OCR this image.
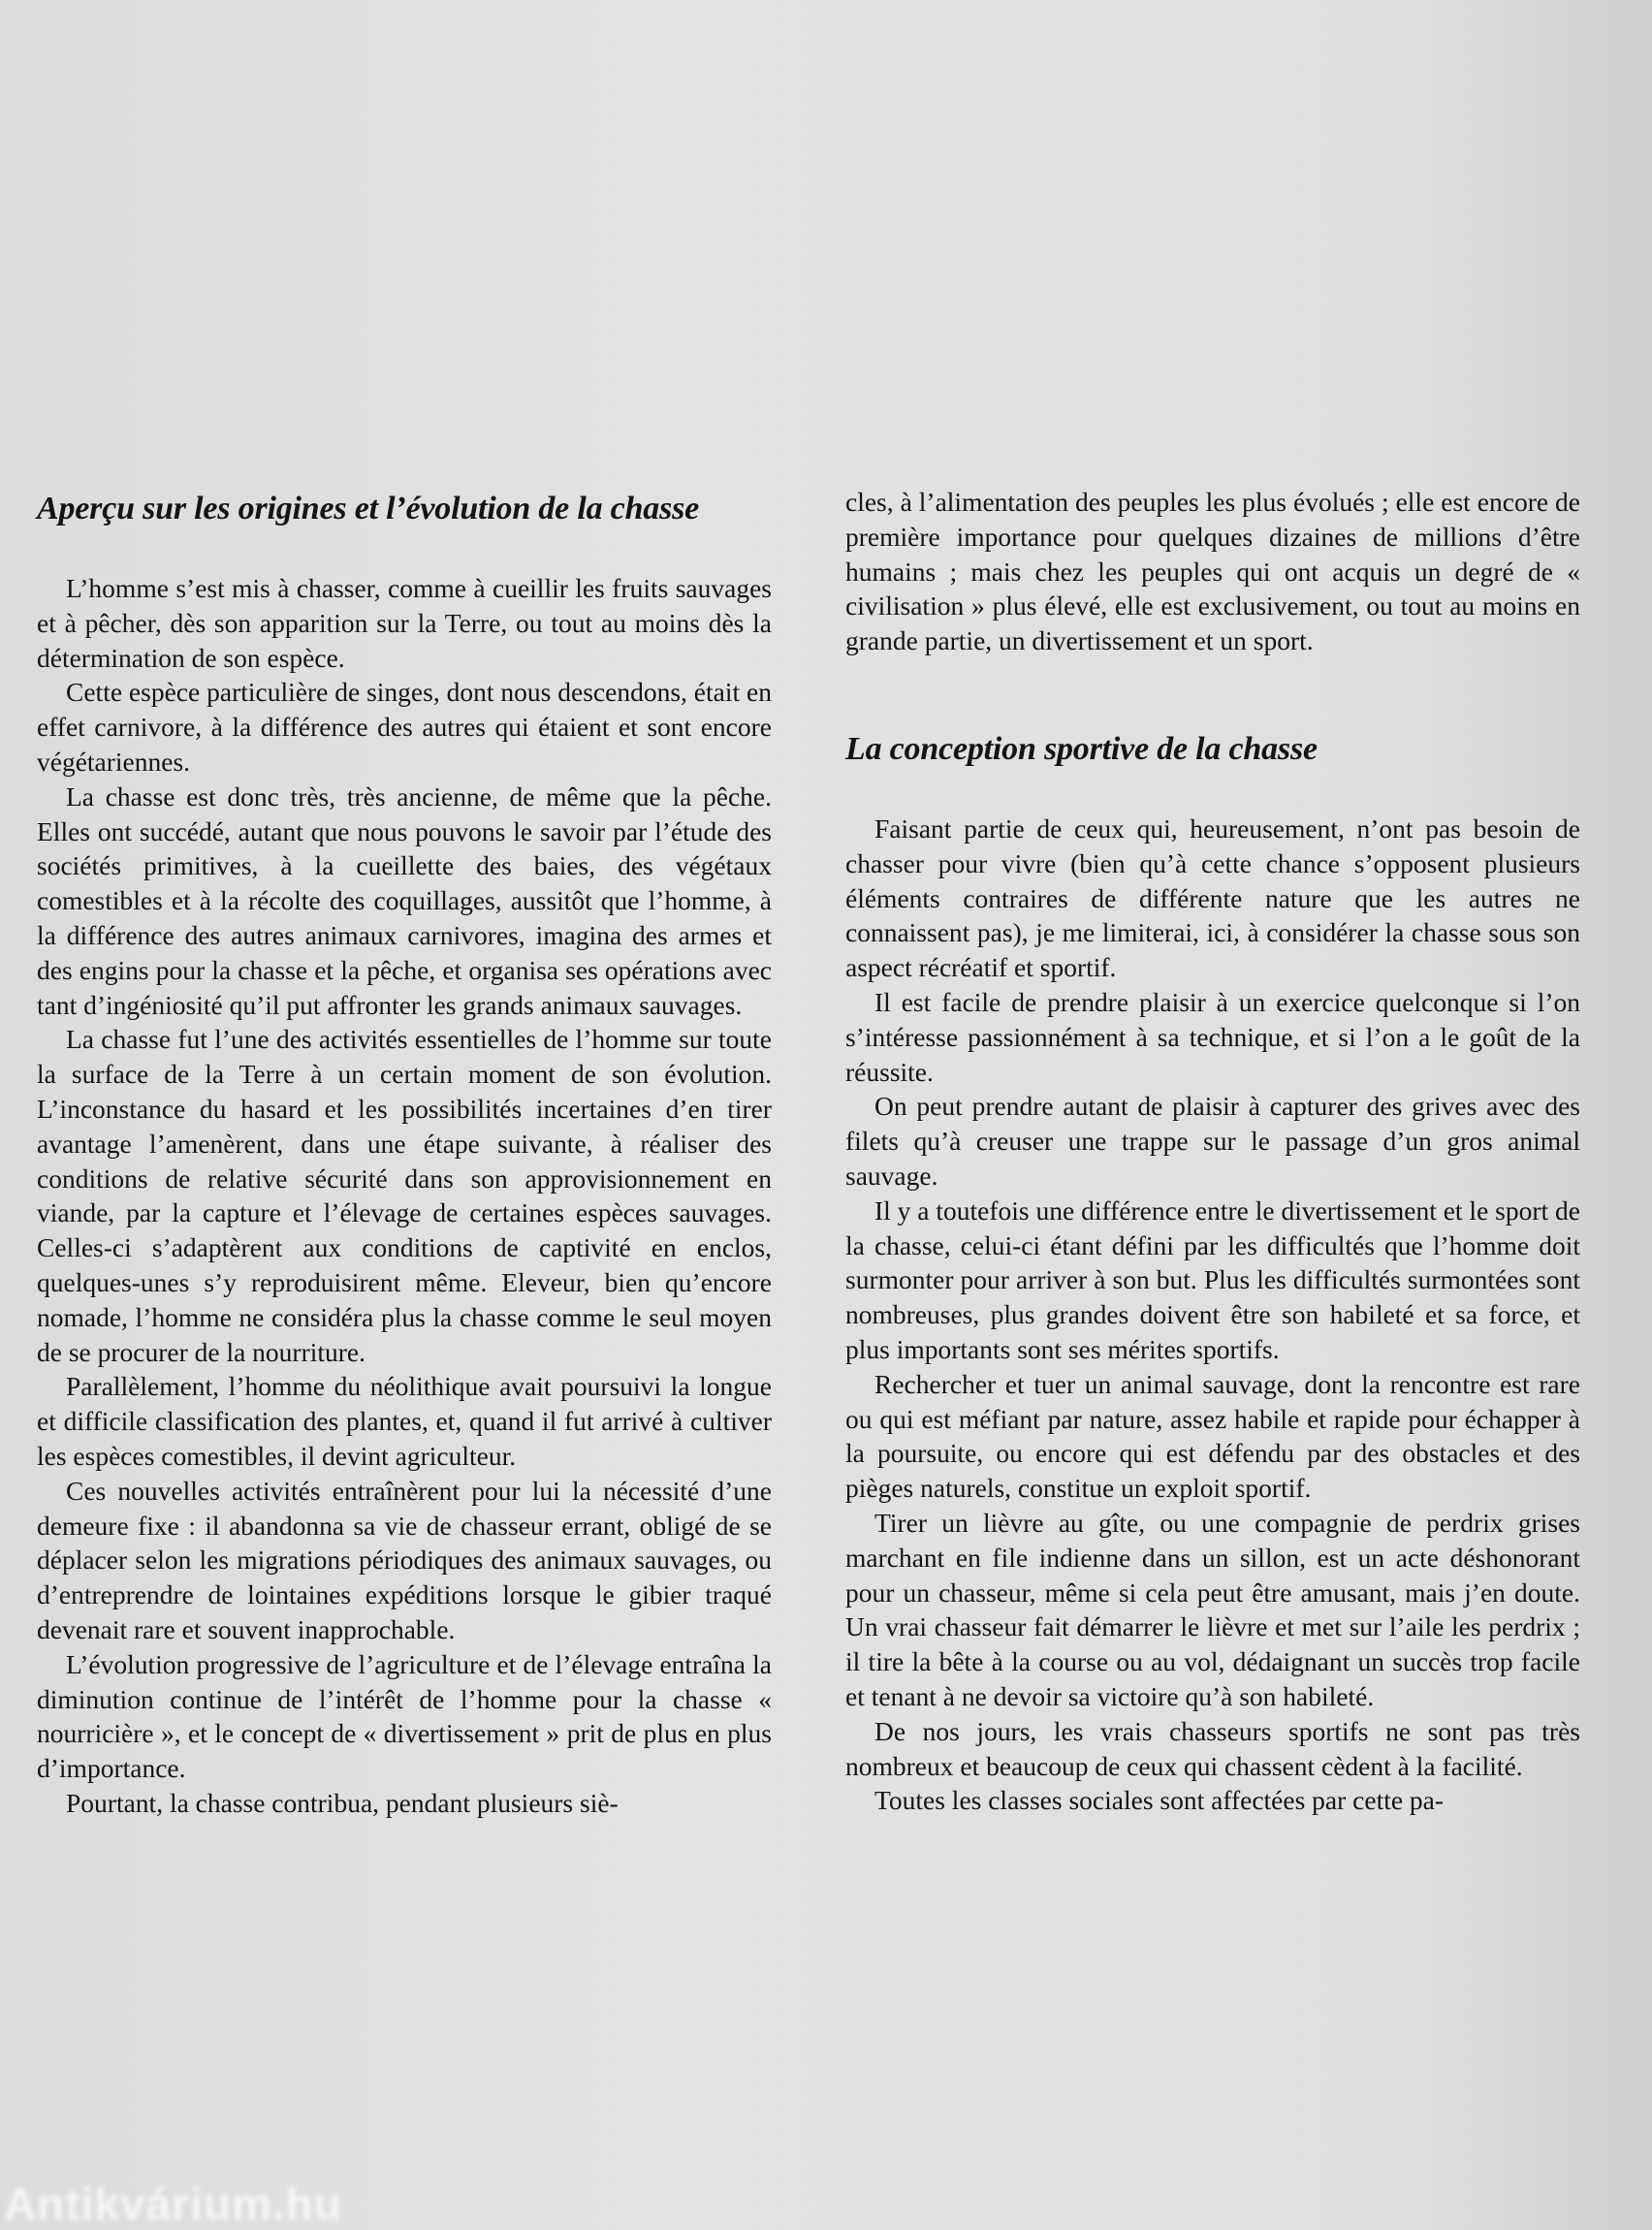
Aperçu sur les origines et l’évolution de la chasse

L’homme s’est mis à chasser, comme à cueillir les fruits sauvages et à pêcher, dès son apparition sur la Terre, ou tout au moins dès la détermination de son espèce.

Cette espèce particulière de singes, dont nous descendons, était en effet carnivore, à la différence des autres qui étaient et sont encore végétariennes.

La chasse est donc très, très ancienne, de même que la pêche. Elles ont succédé, autant que nous pouvons le savoir par l’étude des sociétés primitives, à la cueillette des baies, des végétaux comestibles et à la récolte des coquillages, aussitôt que l’homme, à la différence des autres animaux carnivores, imagina des armes et des engins pour la chasse et la pêche, et organisa ses opérations avec tant d’ingéniosité qu’il put affronter les grands animaux sauvages.

La chasse fut l’une des activités essentielles de l’homme sur toute la surface de la Terre à un certain moment de son évolution. L’inconstance du hasard et les possibilités incertaines d’en tirer avantage l’amenèrent, dans une étape suivante, à réaliser des conditions de relative sécurité dans son approvisionnement en viande, par la capture et l’élevage de certaines espèces sauvages. Celles-ci s’adaptèrent aux conditions de captivité en enclos, quelques-unes s’y reproduisirent même. Eleveur, bien qu’encore nomade, l’homme ne considéra plus la chasse comme le seul moyen de se procurer de la nourriture.

Parallèlement, l’homme du néolithique avait poursuivi la longue et difficile classification des plantes, et, quand il fut arrivé à cultiver les espèces comestibles, il devint agriculteur.

Ces nouvelles activités entraînèrent pour lui la nécessité d’une demeure fixe : il abandonna sa vie de chasseur errant, obligé de se déplacer selon les migrations périodiques des animaux sauvages, ou d’entreprendre de lointaines expéditions lorsque le gibier traqué devenait rare et souvent inapprochable.

L’évolution progressive de l’agriculture et de l’élevage entraîna la diminution continue de l’intérêt de l’homme pour la chasse « nourricière », et le concept de « divertissement » prit de plus en plus d’importance.

Pourtant, la chasse contribua, pendant plusieurs siè-

cles, à l’alimentation des peuples les plus évolués ; elle est encore de première importance pour quelques dizaines de millions d’être humains ; mais chez les peuples qui ont acquis un degré de « civilisation » plus élevé, elle est exclusivement, ou tout au moins en grande partie, un divertissement et un sport.

La conception sportive de la chasse

Faisant partie de ceux qui, heureusement, n’ont pas besoin de chasser pour vivre (bien qu’à cette chance s’opposent plusieurs éléments contraires de différente nature que les autres ne connaissent pas), je me limiterai, ici, à considérer la chasse sous son aspect récréatif et sportif.

Il est facile de prendre plaisir à un exercice quelconque si l’on s’intéresse passionnément à sa technique, et si l’on a le goût de la réussite.

On peut prendre autant de plaisir à capturer des grives avec des filets qu’à creuser une trappe sur le passage d’un gros animal sauvage.

Il y a toutefois une différence entre le divertissement et le sport de la chasse, celui-ci étant défini par les difficultés que l’homme doit surmonter pour arriver à son but. Plus les difficultés surmontées sont nombreuses, plus grandes doivent être son habileté et sa force, et plus importants sont ses mérites sportifs.

Rechercher et tuer un animal sauvage, dont la rencontre est rare ou qui est méfiant par nature, assez habile et rapide pour échapper à la poursuite, ou encore qui est défendu par des obstacles et des pièges naturels, constitue un exploit sportif.

Tirer un lièvre au gîte, ou une compagnie de perdrix grises marchant en file indienne dans un sillon, est un acte déshonorant pour un chasseur, même si cela peut être amusant, mais j’en doute. Un vrai chasseur fait démarrer le lièvre et met sur l’aile les perdrix ; il tire la bête à la course ou au vol, dédaignant un succès trop facile et tenant à ne devoir sa victoire qu’à son habileté.

De nos jours, les vrais chasseurs sportifs ne sont pas très nombreux et beaucoup de ceux qui chassent cèdent à la facilité.

Toutes les classes sociales sont affectées par cette pa-

Antikvárium.hu
